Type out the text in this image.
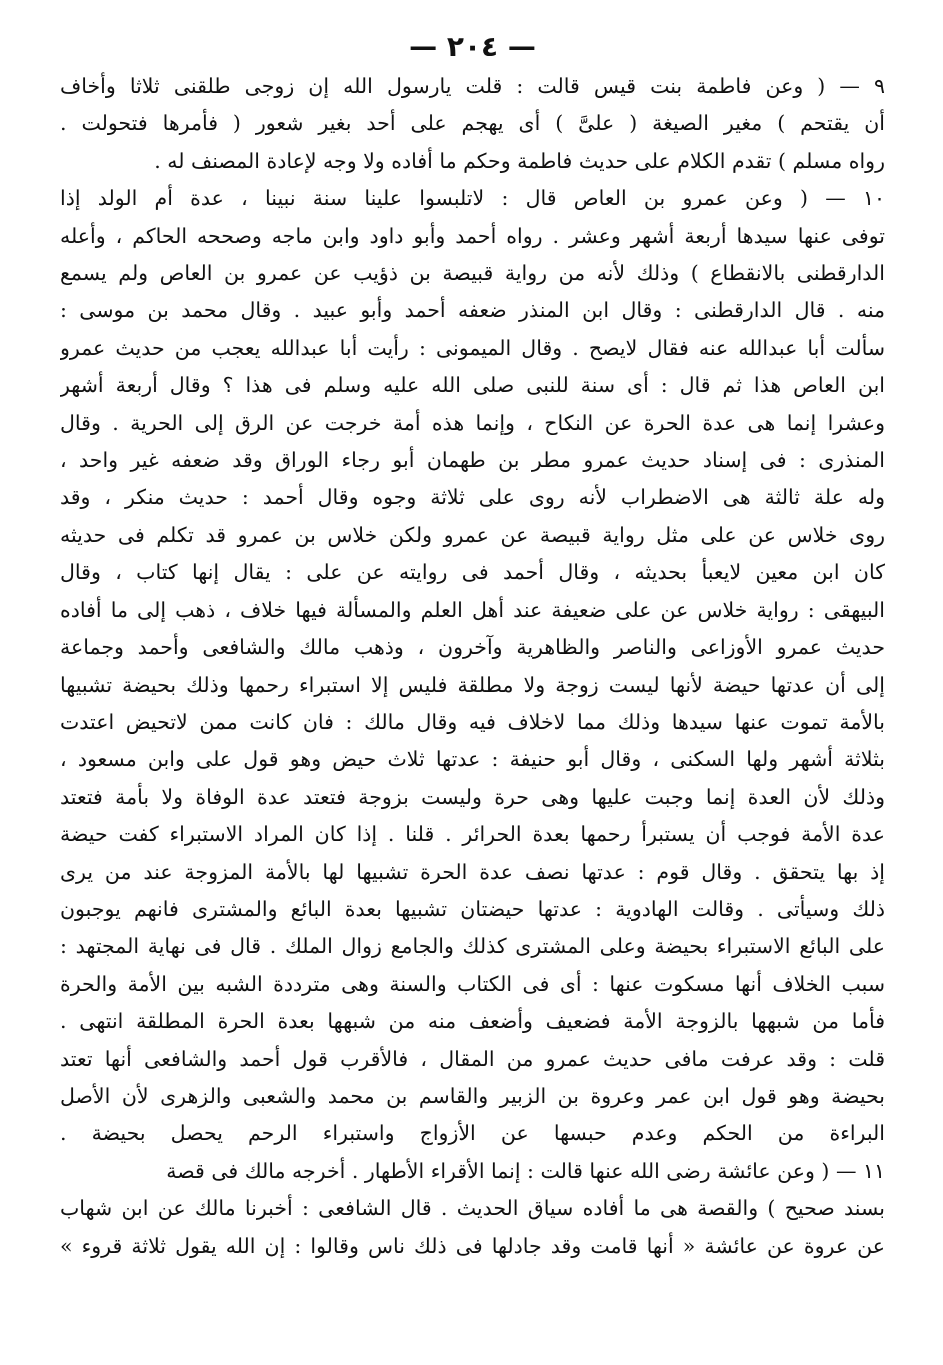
— ٢٠٤ —
٩ — ( وعن فاطمة بنت قيس قالت : قلت يارسول الله إن زوجى طلقنى ثلاثا وأخاف
أن يقتحم ) مغير الصيغة ( علىَّ ) أى يهجم على أحد بغير شعور ( فأمرها فتحولت .
رواه مسلم ) تقدم الكلام على حديث فاطمة وحكم ما أفاده ولا وجه لإعادة المصنف له .
١٠ — ( وعن عمرو بن العاص قال : لاتلبسوا علينا سنة نبينا ، عدة أم الولد إذا
توفى عنها سيدها أربعة أشهر وعشر . رواه أحمد وأبو داود وابن ماجه وصححه الحاكم ، وأعله
الدارقطنى بالانقطاع ) وذلك لأنه من رواية قبيصة بن ذؤيب عن عمرو بن العاص ولم يسمع
منه . قال الدارقطنى : وقال ابن المنذر ضعفه أحمد وأبو عبيد . وقال محمد بن موسى :
سألت أبا عبدالله عنه فقال لايصح . وقال الميمونى : رأيت أبا عبدالله يعجب من حديث عمرو
ابن العاص هذا ثم قال : أى سنة للنبى صلى الله عليه وسلم فى هذا ؟ وقال أربعة أشهر
وعشرا إنما هى عدة الحرة عن النكاح ، وإنما هذه أمة خرجت عن الرق إلى الحرية . وقال
المنذرى : فى إسناد حديث عمرو مطر بن طهمان أبو رجاء الوراق وقد ضعفه غير واحد ،
وله علة ثالثة هى الاضطراب لأنه روى على ثلاثة وجوه وقال أحمد : حديث منكر ، وقد
روى خلاس عن على مثل رواية قبيصة عن عمرو ولكن خلاس بن عمرو قد تكلم فى حديثه
كان ابن معين لايعبأ بحديثه ، وقال أحمد فى روايته عن على : يقال إنها كتاب ، وقال
البيهقى : رواية خلاس عن على ضعيفة عند أهل العلم والمسألة فيها خلاف ، ذهب إلى ما أفاده
حديث عمرو الأوزاعى والناصر والظاهرية وآخرون ، وذهب مالك والشافعى وأحمد وجماعة
إلى أن عدتها حيضة لأنها ليست زوجة ولا مطلقة فليس إلا استبراء رحمها وذلك بحيضة تشبيها
بالأمة تموت عنها سيدها وذلك مما لاخلاف فيه وقال مالك : فان كانت ممن لاتحيض اعتدت
بثلاثة أشهر ولها السكنى ، وقال أبو حنيفة : عدتها ثلاث حيض وهو قول على وابن مسعود ،
وذلك لأن العدة إنما وجبت عليها وهى حرة وليست بزوجة فتعتد عدة الوفاة ولا بأمة فتعتد
عدة الأمة فوجب أن يستبرأ رحمها بعدة الحرائر . قلنا . إذا كان المراد الاستبراء كفت حيضة
إذ بها يتحقق . وقال قوم : عدتها نصف عدة الحرة تشبيها لها بالأمة المزوجة عند من يرى
ذلك وسيأتى . وقالت الهادوية : عدتها حيضتان تشبيها بعدة البائع والمشترى فانهم يوجبون
على البائع الاستبراء بحيضة وعلى المشترى كذلك والجامع زوال الملك . قال فى نهاية المجتهد :
سبب الخلاف أنها مسكوت عنها : أى فى الكتاب والسنة وهى مترددة الشبه بين الأمة والحرة
فأما من شبهها بالزوجة الأمة فضعيف وأضعف منه من شبهها بعدة الحرة المطلقة انتهى .
قلت : وقد عرفت مافى حديث عمرو من المقال ، فالأقرب قول أحمد والشافعى أنها تعتد
بحيضة وهو قول ابن عمر وعروة بن الزبير والقاسم بن محمد والشعبى والزهرى لأن الأصل
البراءة من الحكم وعدم حبسها عن الأزواج واستبراء الرحم يحصل بحيضة .
١١ — ( وعن عائشة رضى الله عنها قالت : إنما الأقراء الأطهار . أخرجه مالك فى قصة
بسند صحيح ) والقصة هى ما أفاده سياق الحديث . قال الشافعى : أخبرنا مالك عن ابن شهاب
عن عروة عن عائشة « أنها قامت وقد جادلها فى ذلك ناس وقالوا : إن الله يقول ثلاثة قروء »
